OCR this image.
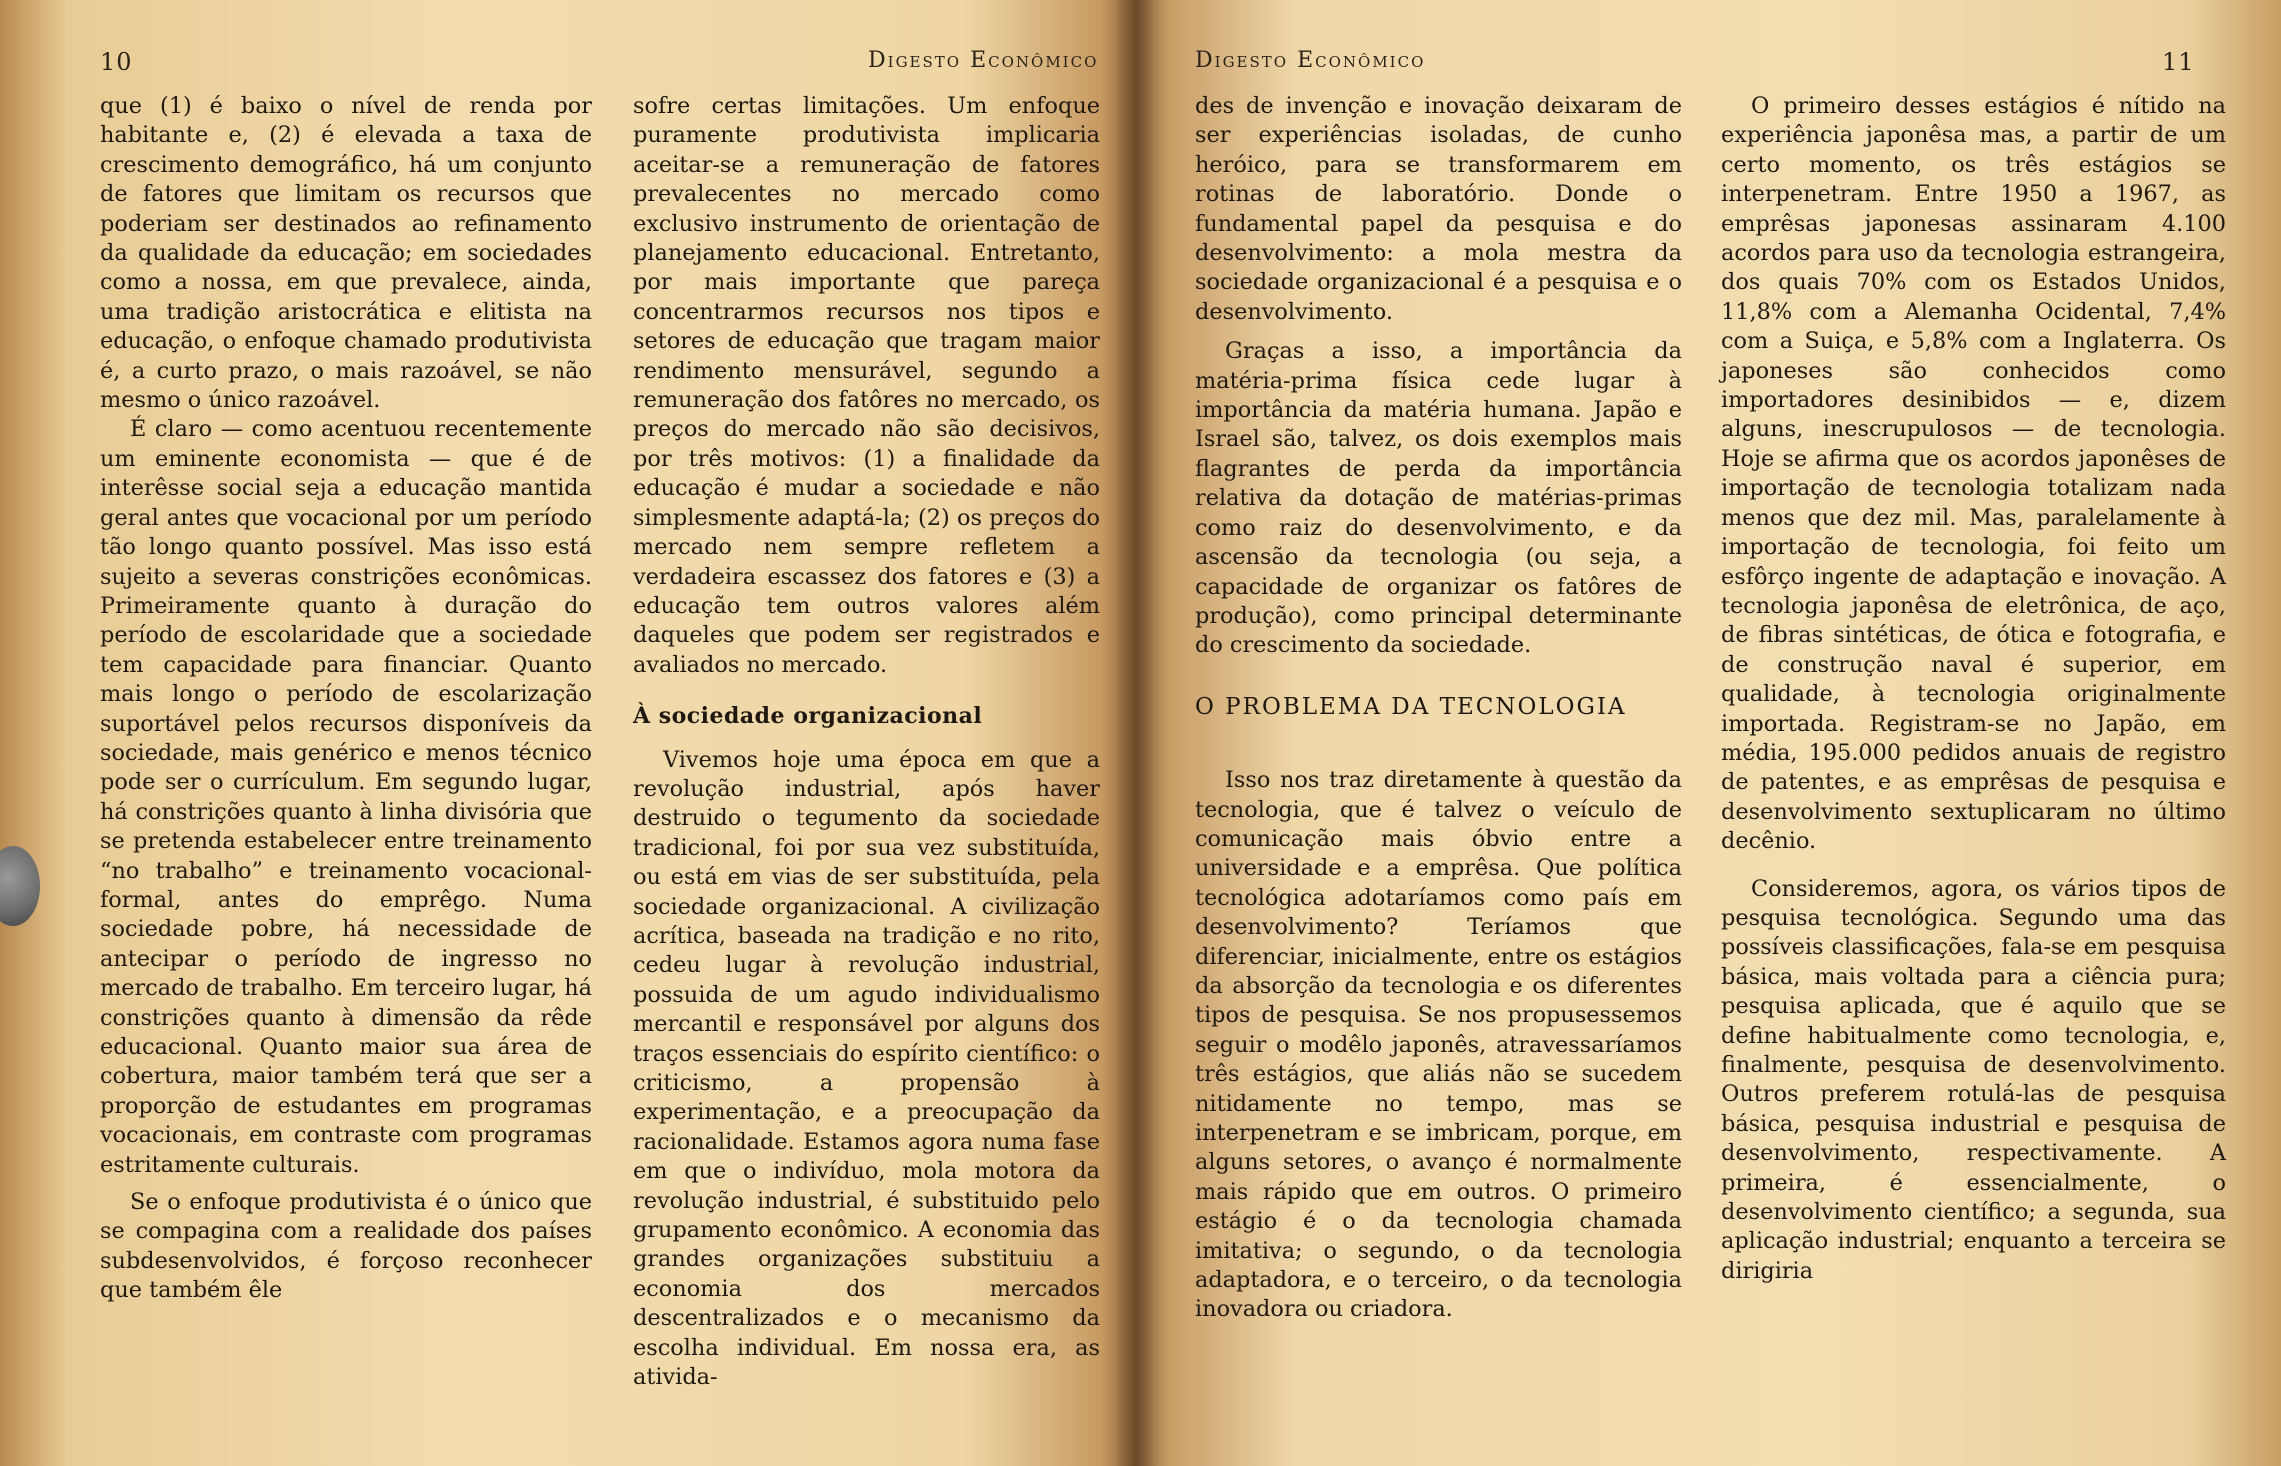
10	Digesto Econômico

que (1) é baixo o nível de renda por habitante e, (2) é elevada a taxa de crescimento demográfico, há um conjunto de fatores que limitam os recursos que poderiam ser destinados ao refinamento da qualidade da educação; em sociedades como a nossa, em que prevalece, ainda, uma tradição aristocrática e elitista na educação, o enfoque chamado produtivista é, a curto prazo, o mais razoável, se não mesmo o único razoável.

É claro — como acentuou recentemente um eminente economista — que é de interêsse social seja a educação mantida geral antes que vocacional por um período tão longo quanto possível. Mas isso está sujeito a severas constrições econômicas. Primeiramente quanto à duração do período de escolaridade que a sociedade tem capacidade para financiar. Quanto mais longo o período de escolarização suportável pelos recursos disponíveis da sociedade, mais genérico e menos técnico pode ser o currículum. Em segundo lugar, há constrições quanto à linha divisória que se pretenda estabelecer entre treinamento “no trabalho” e treinamento vocacional-formal, antes do emprêgo. Numa sociedade pobre, há necessidade de antecipar o período de ingresso no mercado de trabalho. Em terceiro lugar, há constrições quanto à dimensão da rêde educacional. Quanto maior sua área de cobertura, maior também terá que ser a proporção de estudantes em programas vocacionais, em contraste com programas estritamente culturais.

Se o enfoque produtivista é o único que se compagina com a realidade dos países subdesenvolvidos, é forçoso reconhecer que também êle

sofre certas limitações. Um enfoque puramente produtivista implicaria aceitar-se a remuneração de fatores prevalecentes no mercado como exclusivo instrumento de orientação de planejamento educacional. Entretanto, por mais importante que pareça concentrarmos recursos nos tipos e setores de educação que tragam maior rendimento mensurável, segundo a remuneração dos fatôres no mercado, os preços do mercado não são decisivos, por três motivos: (1) a finalidade da educação é mudar a sociedade e não simplesmente adaptá-la; (2) os preços do mercado nem sempre refletem a verdadeira escassez dos fatores e (3) a educação tem outros valores além daqueles que podem ser registrados e avaliados no mercado.

À sociedade organizacional

Vivemos hoje uma época em que a revolução industrial, após haver destruido o tegumento da sociedade tradicional, foi por sua vez substituída, ou está em vias de ser substituída, pela sociedade organizacional. A civilização acrítica, baseada na tradição e no rito, cedeu lugar à revolução industrial, possuida de um agudo individualismo mercantil e responsável por alguns dos traços essenciais do espírito científico: o criticismo, a propensão à experimentação, e a preocupação da racionalidade. Estamos agora numa fase em que o indivíduo, mola motora da revolução industrial, é substituido pelo grupamento econômico. A economia das grandes organizações substituiu a economia dos mercados descentralizados e o mecanismo da escolha individual. Em nossa era, as ativida-

Digesto Econômico	11

des de invenção e inovação deixaram de ser experiências isoladas, de cunho heróico, para se transformarem em rotinas de laboratório. Donde o fundamental papel da pesquisa e do desenvolvimento: a mola mestra da sociedade organizacional é a pesquisa e o desenvolvimento.

Graças a isso, a importância da matéria-prima física cede lugar à importância da matéria humana. Japão e Israel são, talvez, os dois exemplos mais flagrantes de perda da importância relativa da dotação de matérias-primas como raiz do desenvolvimento, e da ascensão da tecnologia (ou seja, a capacidade de organizar os fatôres de produção), como principal determinante do crescimento da sociedade.

O PROBLEMA DA TECNOLOGIA

Isso nos traz diretamente à questão da tecnologia, que é talvez o veículo de comunicação mais óbvio entre a universidade e a emprêsa. Que política tecnológica adotaríamos como país em desenvolvimento? Teríamos que diferenciar, inicialmente, entre os estágios da absorção da tecnologia e os diferentes tipos de pesquisa. Se nos propusessemos seguir o modêlo japonês, atravessaríamos três estágios, que aliás não se sucedem nitidamente no tempo, mas se interpenetram e se imbricam, porque, em alguns setores, o avanço é normalmente mais rápido que em outros. O primeiro estágio é o da tecnologia chamada imitativa; o segundo, o da tecnologia adaptadora, e o terceiro, o da tecnologia inovadora ou criadora.

O primeiro desses estágios é nítido na experiência japonêsa mas, a partir de um certo momento, os três estágios se interpenetram. Entre 1950 a 1967, as emprêsas japonesas assinaram 4.100 acordos para uso da tecnologia estrangeira, dos quais 70% com os Estados Unidos, 11,8% com a Alemanha Ocidental, 7,4% com a Suiça, e 5,8% com a Inglaterra. Os japoneses são conhecidos como importadores desinibidos — e, dizem alguns, inescrupulosos — de tecnologia. Hoje se afirma que os acordos japonêses de importação de tecnologia totalizam nada menos que dez mil. Mas, paralelamente à importação de tecnologia, foi feito um esfôrço ingente de adaptação e inovação. A tecnologia japonêsa de eletrônica, de aço, de fibras sintéticas, de ótica e fotografia, e de construção naval é superior, em qualidade, à tecnologia originalmente importada. Registram-se no Japão, em média, 195.000 pedidos anuais de registro de patentes, e as emprêsas de pesquisa e desenvolvimento sextuplicaram no último decênio.

Consideremos, agora, os vários tipos de pesquisa tecnológica. Segundo uma das possíveis classificações, fala-se em pesquisa básica, mais voltada para a ciência pura; pesquisa aplicada, que é aquilo que se define habitualmente como tecnologia, e, finalmente, pesquisa de desenvolvimento. Outros preferem rotulá-las de pesquisa básica, pesquisa industrial e pesquisa de desenvolvimento, respectivamente. A primeira, é essencialmente, o desenvolvimento científico; a segunda, sua aplicação industrial; enquanto a terceira se dirigiria
